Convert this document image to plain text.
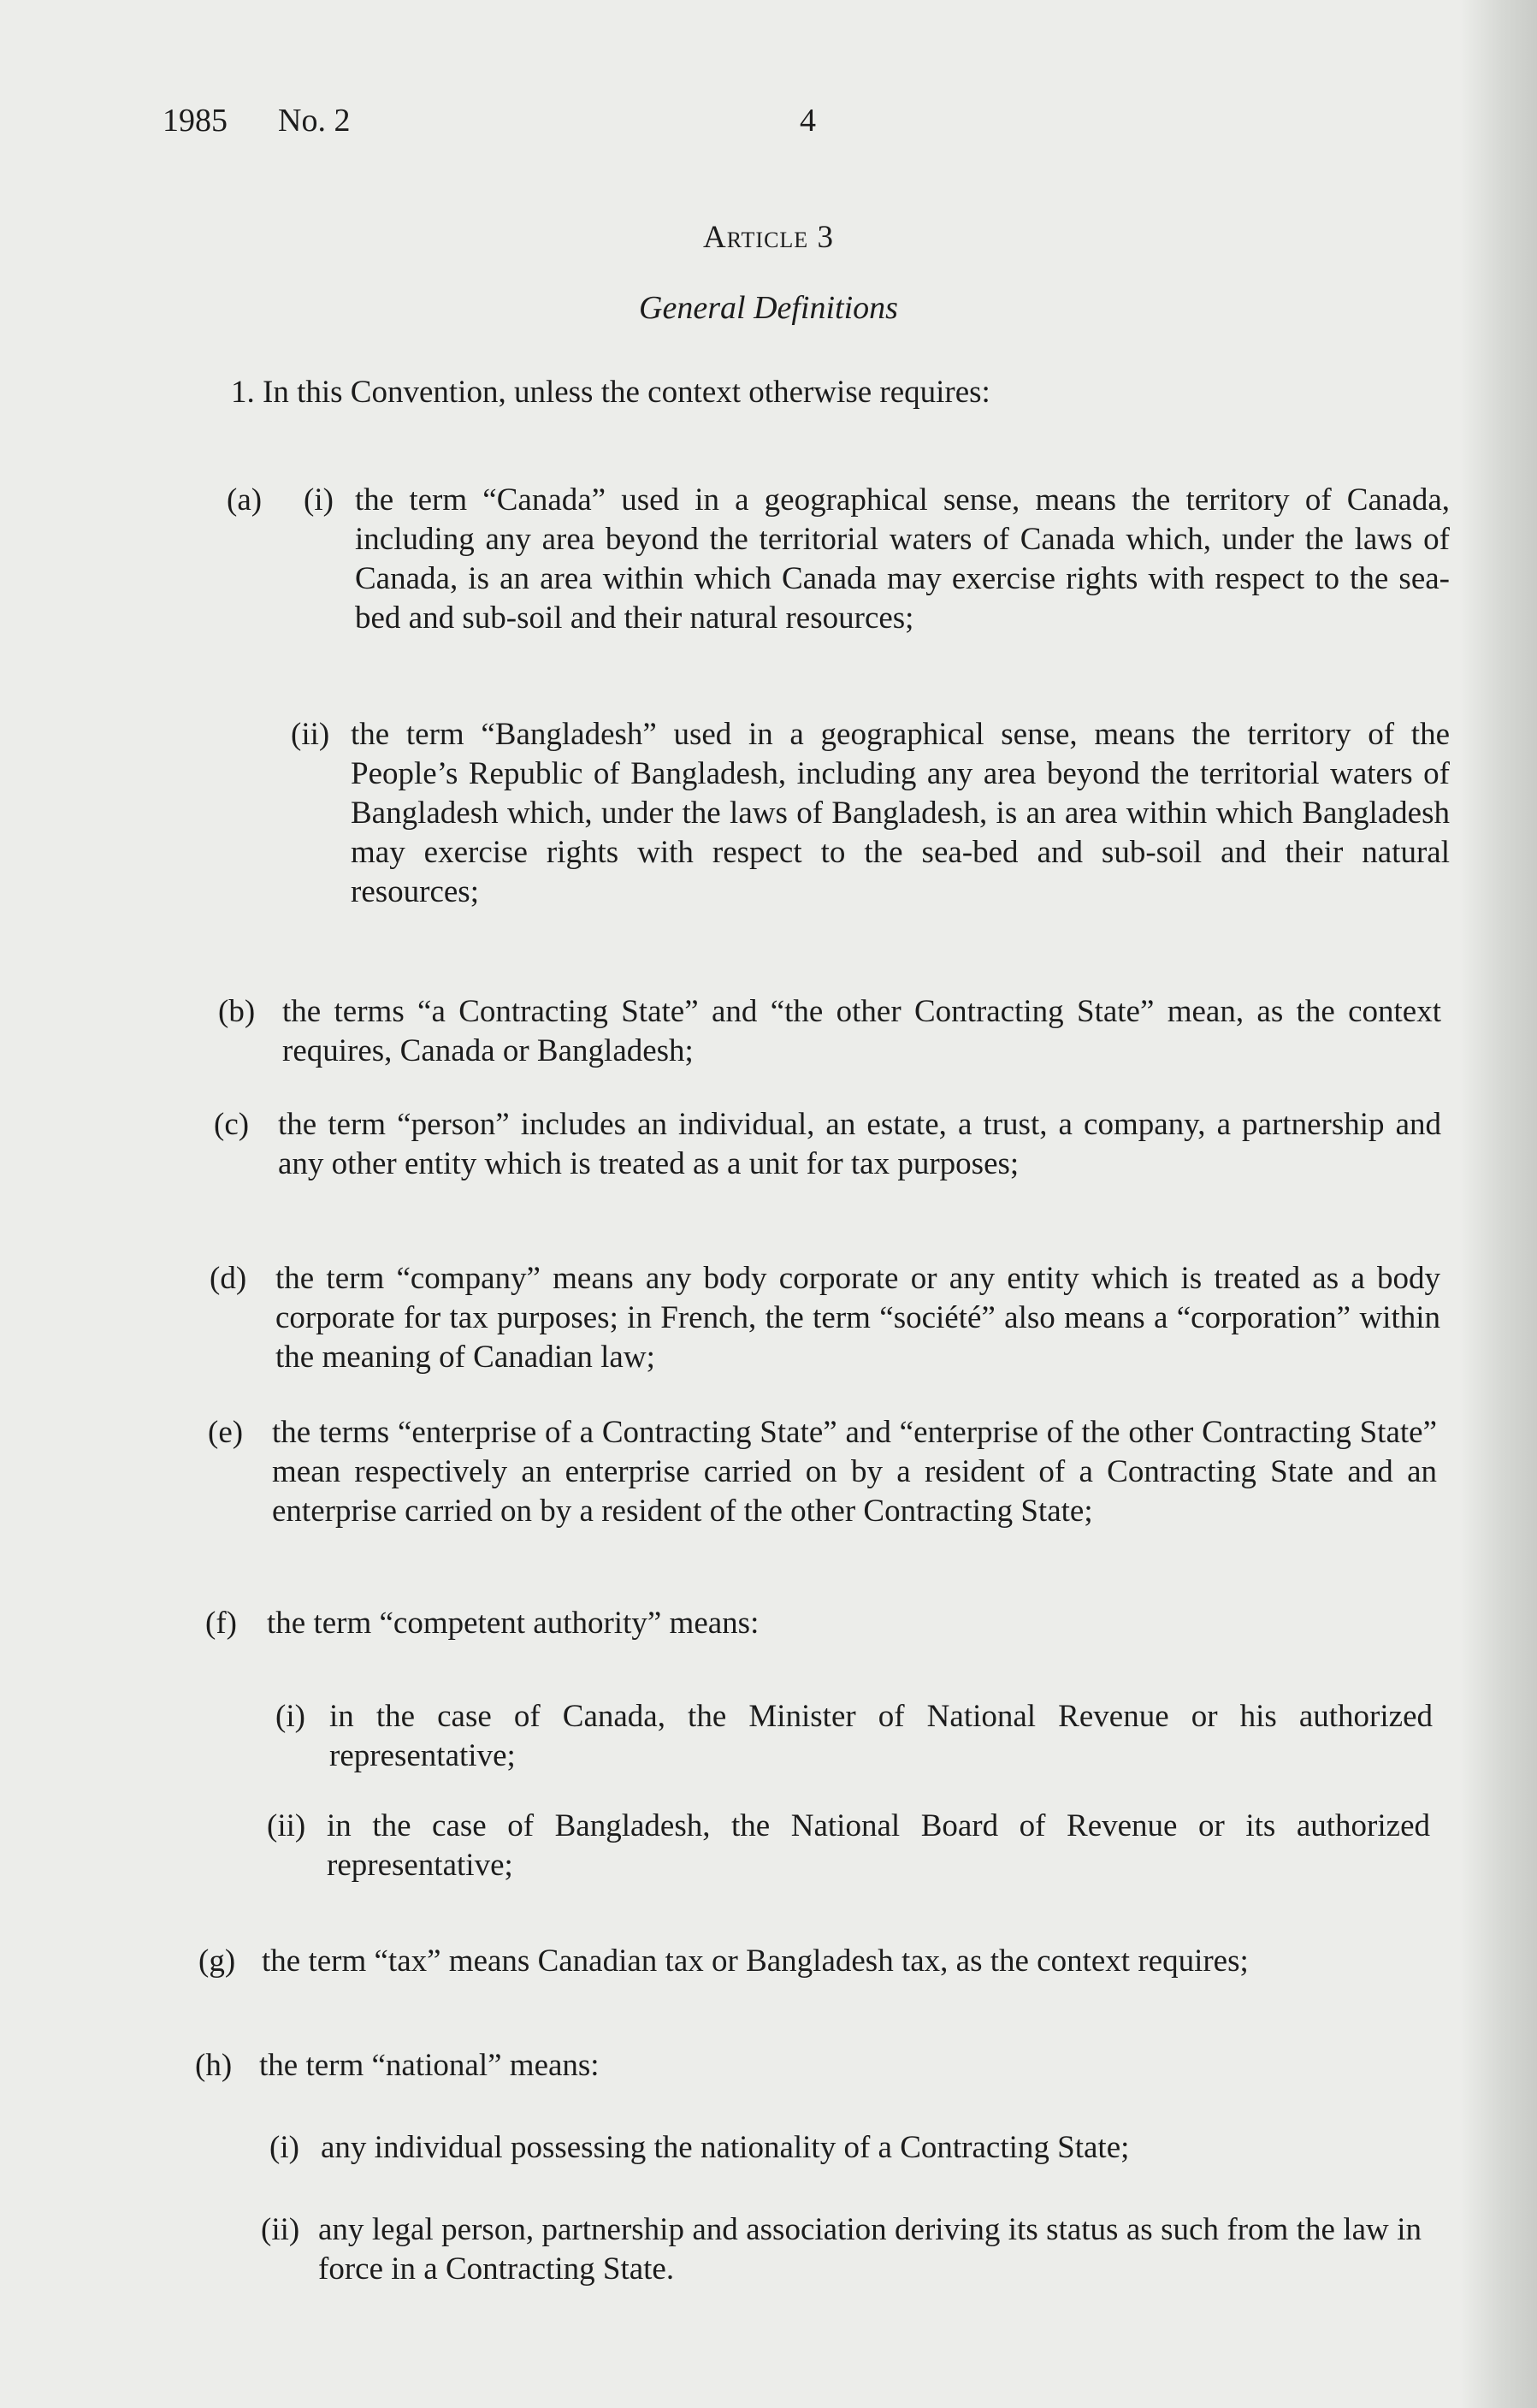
1985 No. 2	4
Article 3
General Definitions
1. In this Convention, unless the context otherwise requires:
(a) (i) the term “Canada” used in a geographical sense, means the territory of Canada, including any area beyond the territorial waters of Canada which, under the laws of Canada, is an area within which Canada may exercise rights with respect to the sea-bed and sub-soil and their natural resources;
(ii) the term “Bangladesh” used in a geographical sense, means the territory of the People’s Republic of Bangladesh, including any area beyond the territorial waters of Bangladesh which, under the laws of Bangladesh, is an area within which Bangladesh may exercise rights with respect to the sea-bed and sub-soil and their natural resources;
(b) the terms “a Contracting State” and “the other Contracting State” mean, as the context requires, Canada or Bangladesh;
(c) the term “person” includes an individual, an estate, a trust, a company, a partnership and any other entity which is treated as a unit for tax purposes;
(d) the term “company” means any body corporate or any entity which is treated as a body corporate for tax purposes; in French, the term “société” also means a “corporation” within the meaning of Canadian law;
(e) the terms “enterprise of a Contracting State” and “enterprise of the other Contracting State” mean respectively an enterprise carried on by a resident of a Contracting State and an enterprise carried on by a resident of the other Contracting State;
(f) the term “competent authority” means:
(i) in the case of Canada, the Minister of National Revenue or his authorized representative;
(ii) in the case of Bangladesh, the National Board of Revenue or its authorized representative;
(g) the term “tax” means Canadian tax or Bangladesh tax, as the context requires;
(h) the term “national” means:
(i) any individual possessing the nationality of a Contracting State;
(ii) any legal person, partnership and association deriving its status as such from the law in force in a Contracting State.
